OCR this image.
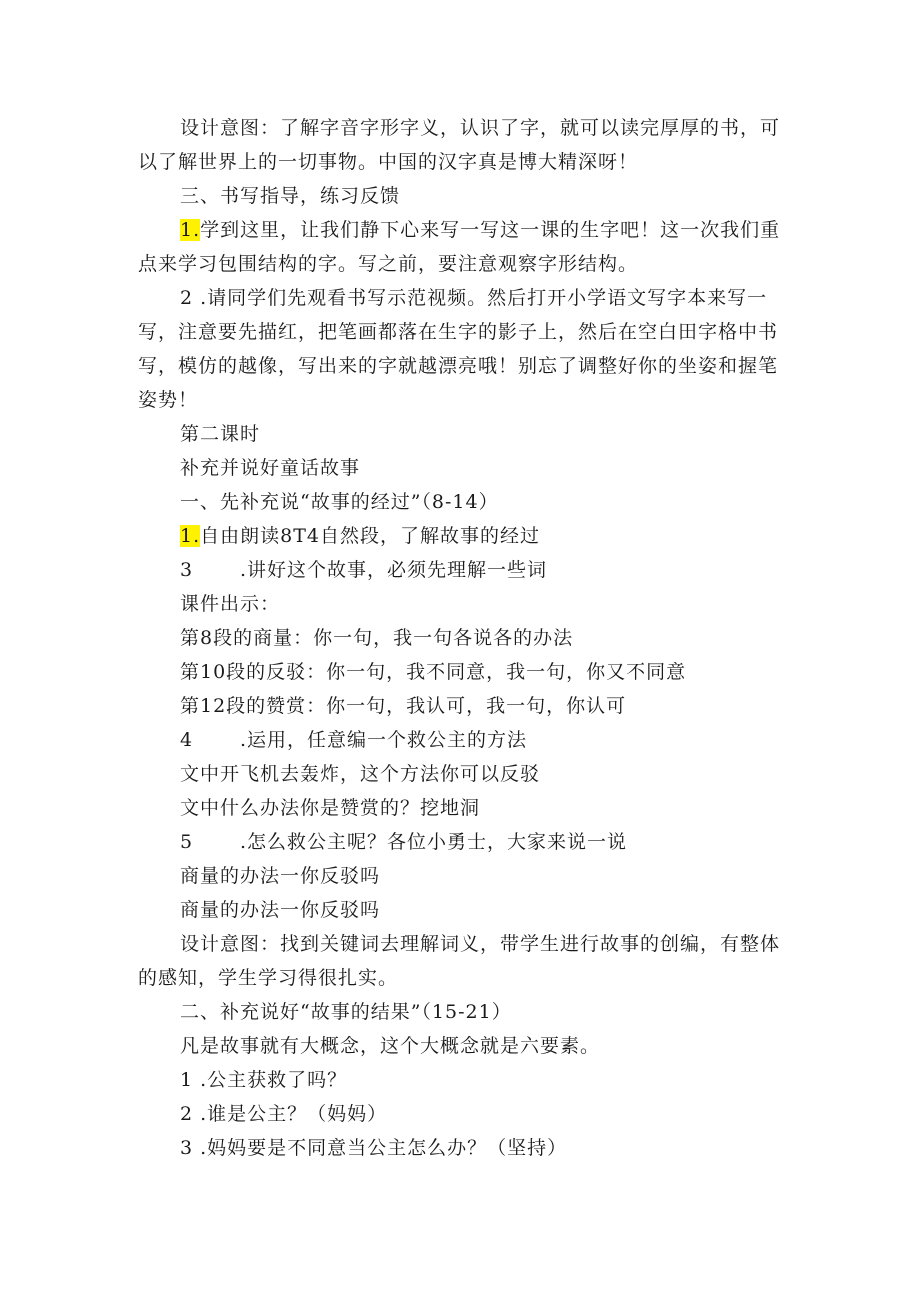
设计意图：了解字音字形字义，认识了字，就可以读完厚厚的书，可
以了解世界上的一切事物。中国的汉字真是博大精深呀！
三、书写指导，练习反馈
1.学到这里，让我们静下心来写一写这一课的生字吧！这一次我们重
点来学习包围结构的字。写之前，要注意观察字形结构。
2 .请同学们先观看书写示范视频。然后打开小学语文写字本来写一
写，注意要先描红，把笔画都落在生字的影子上，然后在空白田字格中书
写，模仿的越像，写出来的字就越漂亮哦！别忘了调整好你的坐姿和握笔
姿势！
第二课时
补充并说好童话故事
一、先补充说“故事的经过”（8-14）
1.自由朗读8T4自然段，了解故事的经过
3 .讲好这个故事，必须先理解一些词
课件出示：
第8段的商量：你一句，我一句各说各的办法
第10段的反驳：你一句，我不同意，我一句，你又不同意
第12段的赞赏：你一句，我认可，我一句，你认可
4 .运用，任意编一个救公主的方法
文中开飞机去轰炸，这个方法你可以反驳
文中什么办法你是赞赏的？挖地洞
5 .怎么救公主呢？各位小勇士，大家来说一说
商量的办法一你反驳吗
商量的办法一你反驳吗
设计意图：找到关键词去理解词义，带学生进行故事的创编，有整体
的感知，学生学习得很扎实。
二、补充说好“故事的结果”（15-21）
凡是故事就有大概念，这个大概念就是六要素。
1 .公主获救了吗？
2 .谁是公主？（妈妈）
3 .妈妈要是不同意当公主怎么办？（坚持）
